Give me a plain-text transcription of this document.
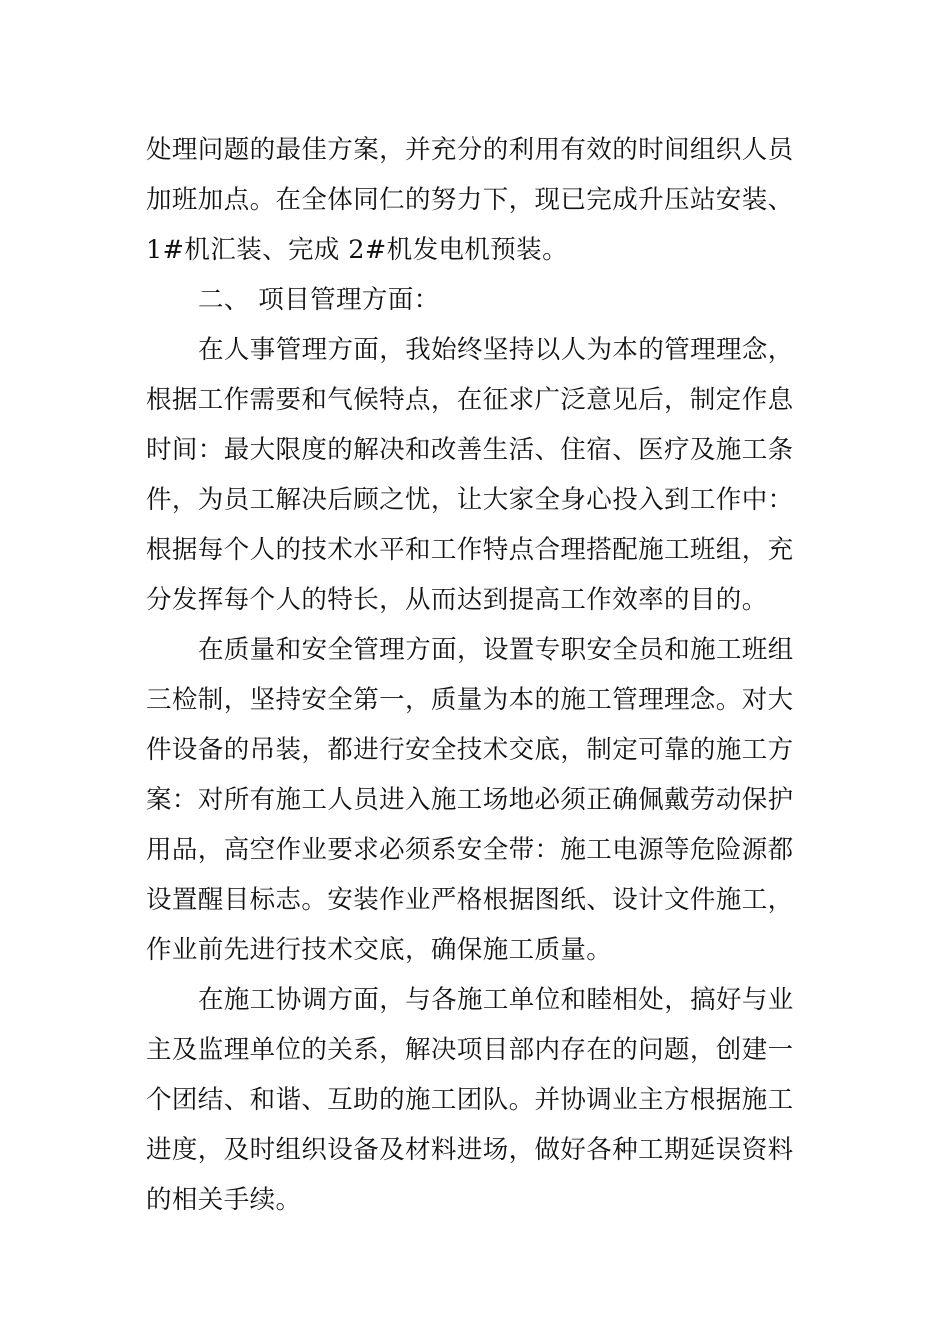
处理问题的最佳方案，并充分的利用有效的时间组织人员
加班加点。在全体同仁的努力下，现已完成升压站安装、
1#机汇装、完成 2#机发电机预装。
二、 项目管理方面：
在人事管理方面，我始终坚持以人为本的管理理念，
根据工作需要和气候特点，在征求广泛意见后，制定作息
时间：最大限度的解决和改善生活、住宿、医疗及施工条
件，为员工解决后顾之忧，让大家全身心投入到工作中：
根据每个人的技术水平和工作特点合理搭配施工班组，充
分发挥每个人的特长，从而达到提高工作效率的目的。
在质量和安全管理方面，设置专职安全员和施工班组
三检制，坚持安全第一，质量为本的施工管理理念。对大
件设备的吊装，都进行安全技术交底，制定可靠的施工方
案：对所有施工人员进入施工场地必须正确佩戴劳动保护
用品，高空作业要求必须系安全带：施工电源等危险源都
设置醒目标志。安装作业严格根据图纸、设计文件施工，
作业前先进行技术交底，确保施工质量。
在施工协调方面，与各施工单位和睦相处，搞好与业
主及监理单位的关系，解决项目部内存在的问题，创建一
个团结、和谐、互助的施工团队。并协调业主方根据施工
进度，及时组织设备及材料进场，做好各种工期延误资料
的相关手续。
